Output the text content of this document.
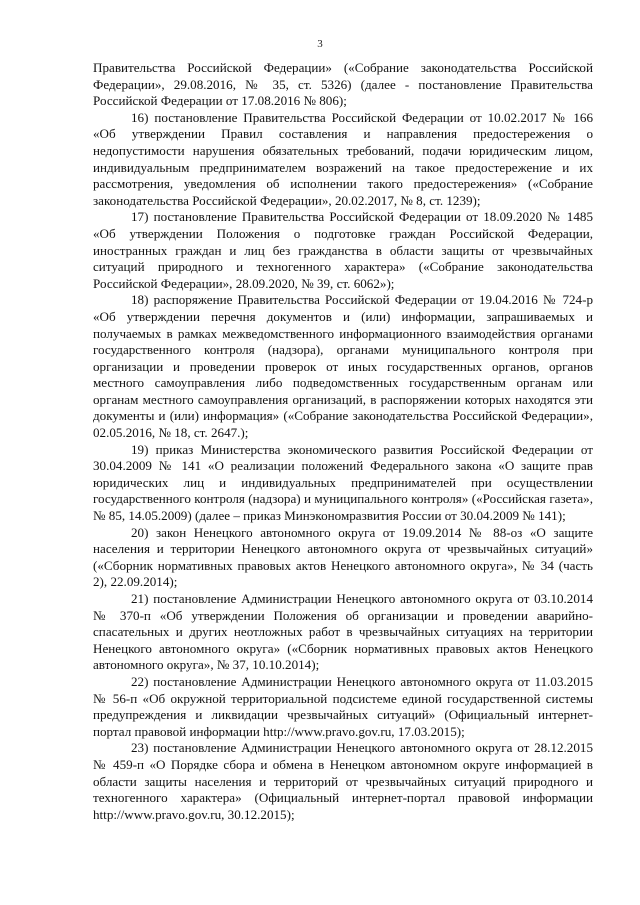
3

Правительства Российской Федерации» («Собрание законодательства Российской Федерации», 29.08.2016, № 35, ст. 5326) (далее - постановление Правительства Российской Федерации от 17.08.2016 № 806);

16) постановление Правительства Российской Федерации от 10.02.2017 № 166 «Об утверждении Правил составления и направления предостережения о недопустимости нарушения обязательных требований, подачи юридическим лицом, индивидуальным предпринимателем возражений на такое предостережение и их рассмотрения, уведомления об исполнении такого предостережения» («Собрание законодательства Российской Федерации», 20.02.2017, № 8, ст. 1239);

17) постановление Правительства Российской Федерации от 18.09.2020 № 1485 «Об утверждении Положения о подготовке граждан Российской Федерации, иностранных граждан и лиц без гражданства в области защиты от чрезвычайных ситуаций природного и техногенного характера» («Собрание законодательства Российской Федерации», 28.09.2020, № 39, ст. 6062»);

18) распоряжение Правительства Российской Федерации от 19.04.2016 № 724-р «Об утверждении перечня документов и (или) информации, запрашиваемых и получаемых в рамках межведомственного информационного взаимодействия органами государственного контроля (надзора), органами муниципального контроля при организации и проведении проверок от иных государственных органов, органов местного самоуправления либо подведомственных государственным органам или органам местного самоуправления организаций, в распоряжении которых находятся эти документы и (или) информация» («Собрание законодательства Российской Федерации», 02.05.2016, № 18, ст. 2647.);

19) приказ Министерства экономического развития Российской Федерации от 30.04.2009 № 141 «О реализации положений Федерального закона «О защите прав юридических лиц и индивидуальных предпринимателей при осуществлении государственного контроля (надзора) и муниципального контроля» («Российская газета», № 85, 14.05.2009) (далее – приказ Минэкономразвития России от 30.04.2009 № 141);

20) закон Ненецкого автономного округа от 19.09.2014 № 88-оз «О защите населения и территории Ненецкого автономного округа от чрезвычайных ситуаций» («Сборник нормативных правовых актов Ненецкого автономного округа», № 34 (часть 2), 22.09.2014);

21) постановление Администрации Ненецкого автономного округа от 03.10.2014 № 370-п «Об утверждении Положения об организации и проведении аварийно-спасательных и других неотложных работ в чрезвычайных ситуациях на территории Ненецкого автономного округа» («Сборник нормативных правовых актов Ненецкого автономного округа», № 37, 10.10.2014);

22) постановление Администрации Ненецкого автономного округа от 11.03.2015 № 56-п «Об окружной территориальной подсистеме единой государственной системы предупреждения и ликвидации чрезвычайных ситуаций» (Официальный интернет-портал правовой информации http://www.pravo.gov.ru, 17.03.2015);

23) постановление Администрации Ненецкого автономного округа от 28.12.2015 № 459-п «О Порядке сбора и обмена в Ненецком автономном округе информацией в области защиты населения и территорий от чрезвычайных ситуаций природного и техногенного характера» (Официальный интернет-портал правовой информации http://www.pravo.gov.ru, 30.12.2015);
